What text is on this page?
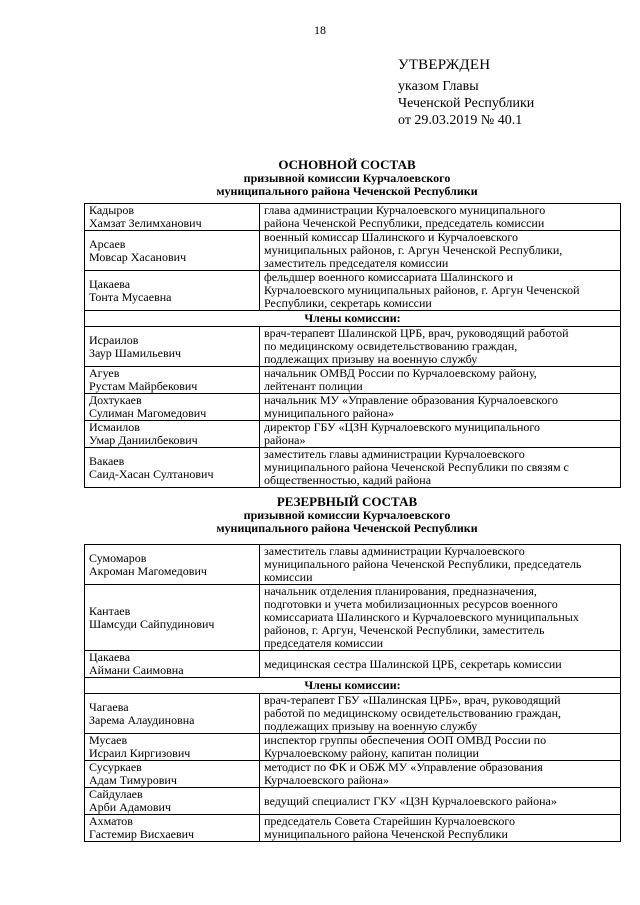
18
УТВЕРЖДЕН
указом Главы
Чеченской Республики
от 29.03.2019 № 40.1
ОСНОВНОЙ СОСТАВ
призывной комиссии Курчалоевского
муниципального района Чеченской Республики
Кадыров
Хамзат Зелимханович	глава администрации Курчалоевского муниципального
района Чеченской Республики, председатель комиссии

Арсаев
Мовсар Хасанович	военный комиссар Шалинского и Курчалоевского
муниципальных районов, г. Аргун Чеченской Республики,
заместитель председателя комиссии

Цакаева
Тонта Мусаевна	фельдшер военного комиссариата Шалинского и
Курчалоевского муниципальных районов, г. Аргун Чеченской
Республики, секретарь комиссии

Члены комиссии:	

Исраилов
Заур Шамильевич	врач-терапевт Шалинской ЦРБ, врач, руководящий работой
по медицинскому освидетельствованию граждан,
подлежащих призыву на военную службу

Агуев
Рустам Майрбекович	начальник ОМВД России по Курчалоевскому району,
лейтенант полиции

Дохтукаев
Сулиман Магомедович	начальник МУ «Управление образования Курчалоевского
муниципального района»

Исмаилов
Умар Даниилбекович	директор ГБУ «ЦЗН Курчалоевского муниципального
района»

Вакаев
Саид-Хасан Султанович	заместитель главы администрации Курчалоевского
муниципального района Чеченской Республики по связям с
общественностью, кадий района
РЕЗЕРВНЫЙ СОСТАВ
призывной комиссии Курчалоевского
муниципального района Чеченской Республики
Сумомаров
Акроман Магомедович	заместитель главы администрации Курчалоевского
муниципального района Чеченской Республики, председатель
комиссии

Кантаев
Шамсуди Сайпудинович	начальник отделения планирования, предназначения,
подготовки и учета мобилизационных ресурсов военного
комиссариата Шалинского и Курчалоевского муниципальных
районов, г. Аргун, Чеченской Республики, заместитель
председателя комиссии

Цакаева
Аймани Саимовна	медицинская сестра Шалинской ЦРБ, секретарь комиссии

Члены комиссии:	

Чагаева
Зарема Алаудиновна	врач-терапевт ГБУ «Шалинская ЦРБ», врач, руководящий
работой по медицинскому освидетельствованию граждан,
подлежащих призыву на военную службу

Мусаев
Исраил Киргизович	инспектор группы обеспечения ООП ОМВД России по
Курчалоевскому району, капитан полиции

Сусуркаев
Адам Тимурович	методист по ФК и ОБЖ МУ «Управление образования
Курчалоевского района»

Сайдулаев
Арби Адамович	ведущий специалист ГКУ «ЦЗН Курчалоевского района»

Ахматов
Гастемир Висхаевич	председатель Совета Старейшин Курчалоевского
муниципального района Чеченской Республики
